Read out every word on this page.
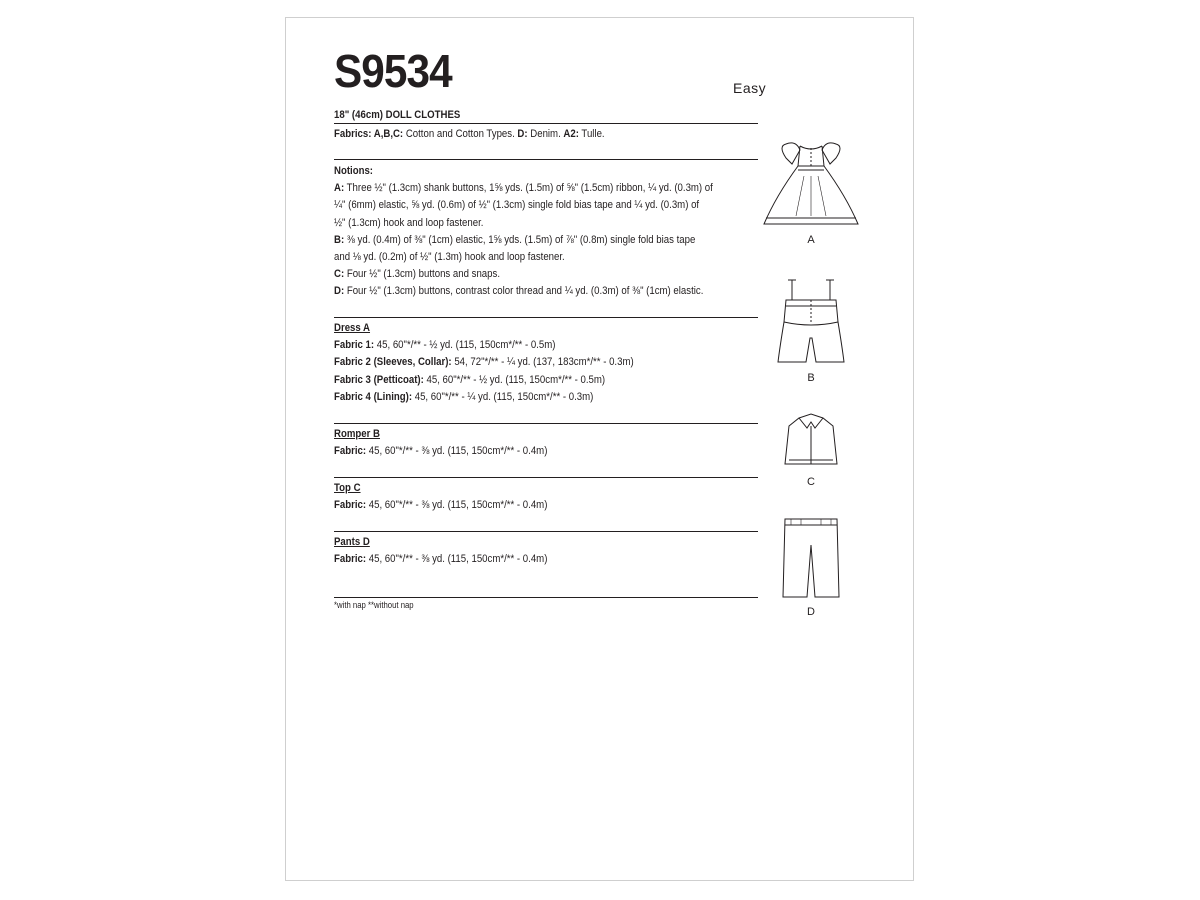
S9534	Easy
18" (46cm) DOLL CLOTHES
Fabrics: A,B,C: Cotton and Cotton Types. D: Denim. A2: Tulle.
Notions:
A: Three ½" (1.3cm) shank buttons, 1⅝ yds. (1.5m) of ⅝" (1.5cm) ribbon, ¼ yd. (0.3m) of
¼" (6mm) elastic, ⅝ yd. (0.6m) of ½" (1.3cm) single fold bias tape and ¼ yd. (0.3m) of
½" (1.3cm) hook and loop fastener.
B: ⅜ yd. (0.4m) of ⅜" (1cm) elastic, 1⅝ yds. (1.5m) of ⅞" (0.8m) single fold bias tape
and ⅛ yd. (0.2m) of ½" (1.3m) hook and loop fastener.
C: Four ½" (1.3cm) buttons and snaps.
D: Four ½" (1.3cm) buttons, contrast color thread and ¼ yd. (0.3m) of ⅜" (1cm) elastic.
Dress A
Fabric 1: 45, 60"*/** - ½ yd. (115, 150cm*/** - 0.5m)
Fabric 2 (Sleeves, Collar): 54, 72"*/** - ¼ yd. (137, 183cm*/** - 0.3m)
Fabric 3 (Petticoat): 45, 60"*/** - ½ yd. (115, 150cm*/** - 0.5m)
Fabric 4 (Lining): 45, 60"*/** - ¼ yd. (115, 150cm*/** - 0.3m)
Romper B
Fabric: 45, 60"*/** - ⅜ yd. (115, 150cm*/** - 0.4m)
Top C
Fabric: 45, 60"*/** - ⅜ yd. (115, 150cm*/** - 0.4m)
Pants D
Fabric: 45, 60"*/** - ⅜ yd. (115, 150cm*/** - 0.4m)
*with nap **without nap
A
B
C
D
